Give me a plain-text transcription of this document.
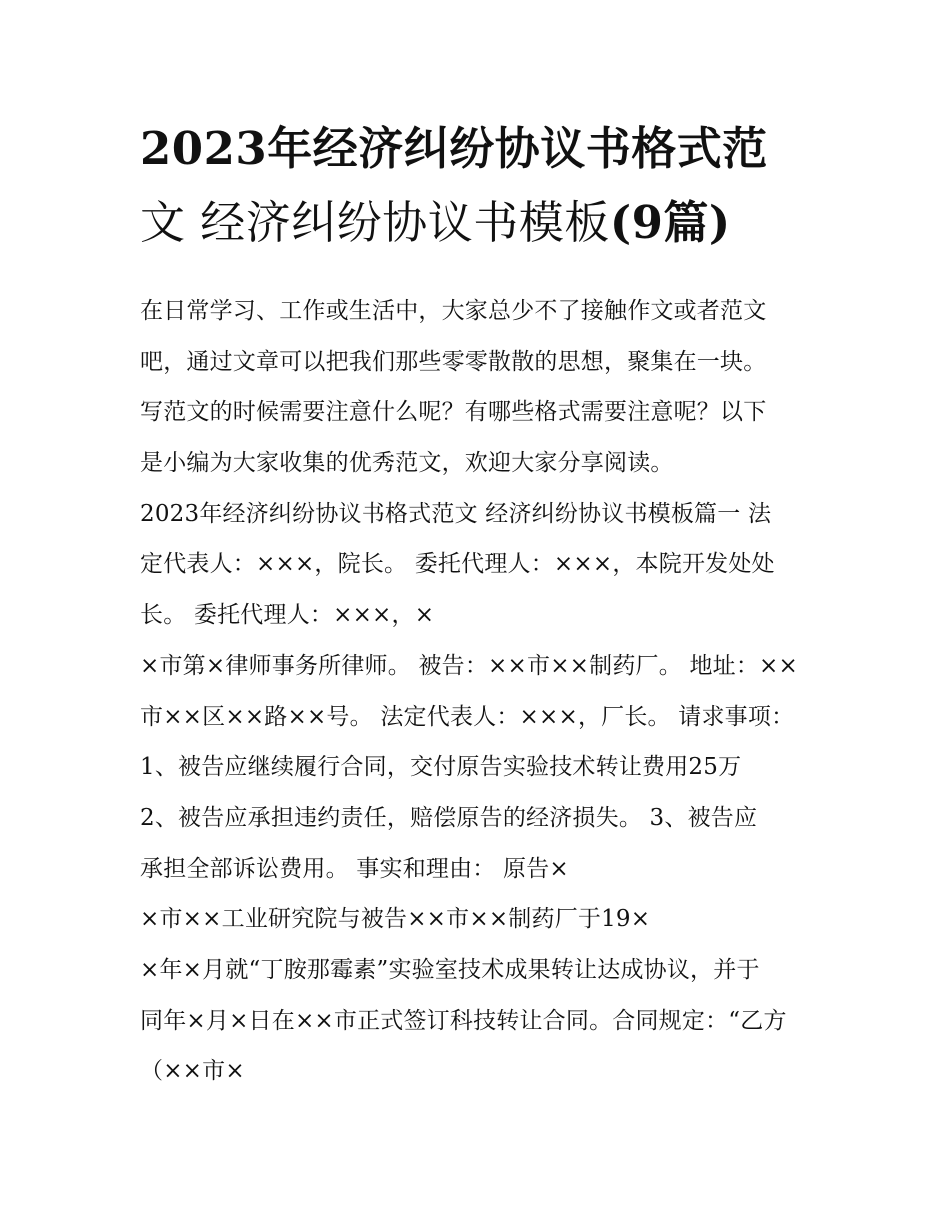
2023年经济纠纷协议书格式范
文 经济纠纷协议书模板(9篇)
在日常学习、工作或生活中，大家总少不了接触作文或者范文
吧，通过文章可以把我们那些零零散散的思想，聚集在一块。
写范文的时候需要注意什么呢？有哪些格式需要注意呢？以下
是小编为大家收集的优秀范文，欢迎大家分享阅读。
2023年经济纠纷协议书格式范文 经济纠纷协议书模板篇一 法
定代表人：×××，院长。 委托代理人：×××，本院开发处处
长。 委托代理人：×××，×
×市第×律师事务所律师。 被告：××市××制药厂。 地址：××
市××区××路××号。 法定代表人：×××，厂长。 请求事项：
1、被告应继续履行合同，交付原告实验技术转让费用25万
2、被告应承担违约责任，赔偿原告的经济损失。 3、被告应
承担全部诉讼费用。 事实和理由： 原告×
×市××工业研究院与被告××市××制药厂于19×
×年×月就“丁胺那霉素”实验室技术成果转让达成协议，并于
同年×月×日在××市正式签订科技转让合同。合同规定：“乙方
（××市×
